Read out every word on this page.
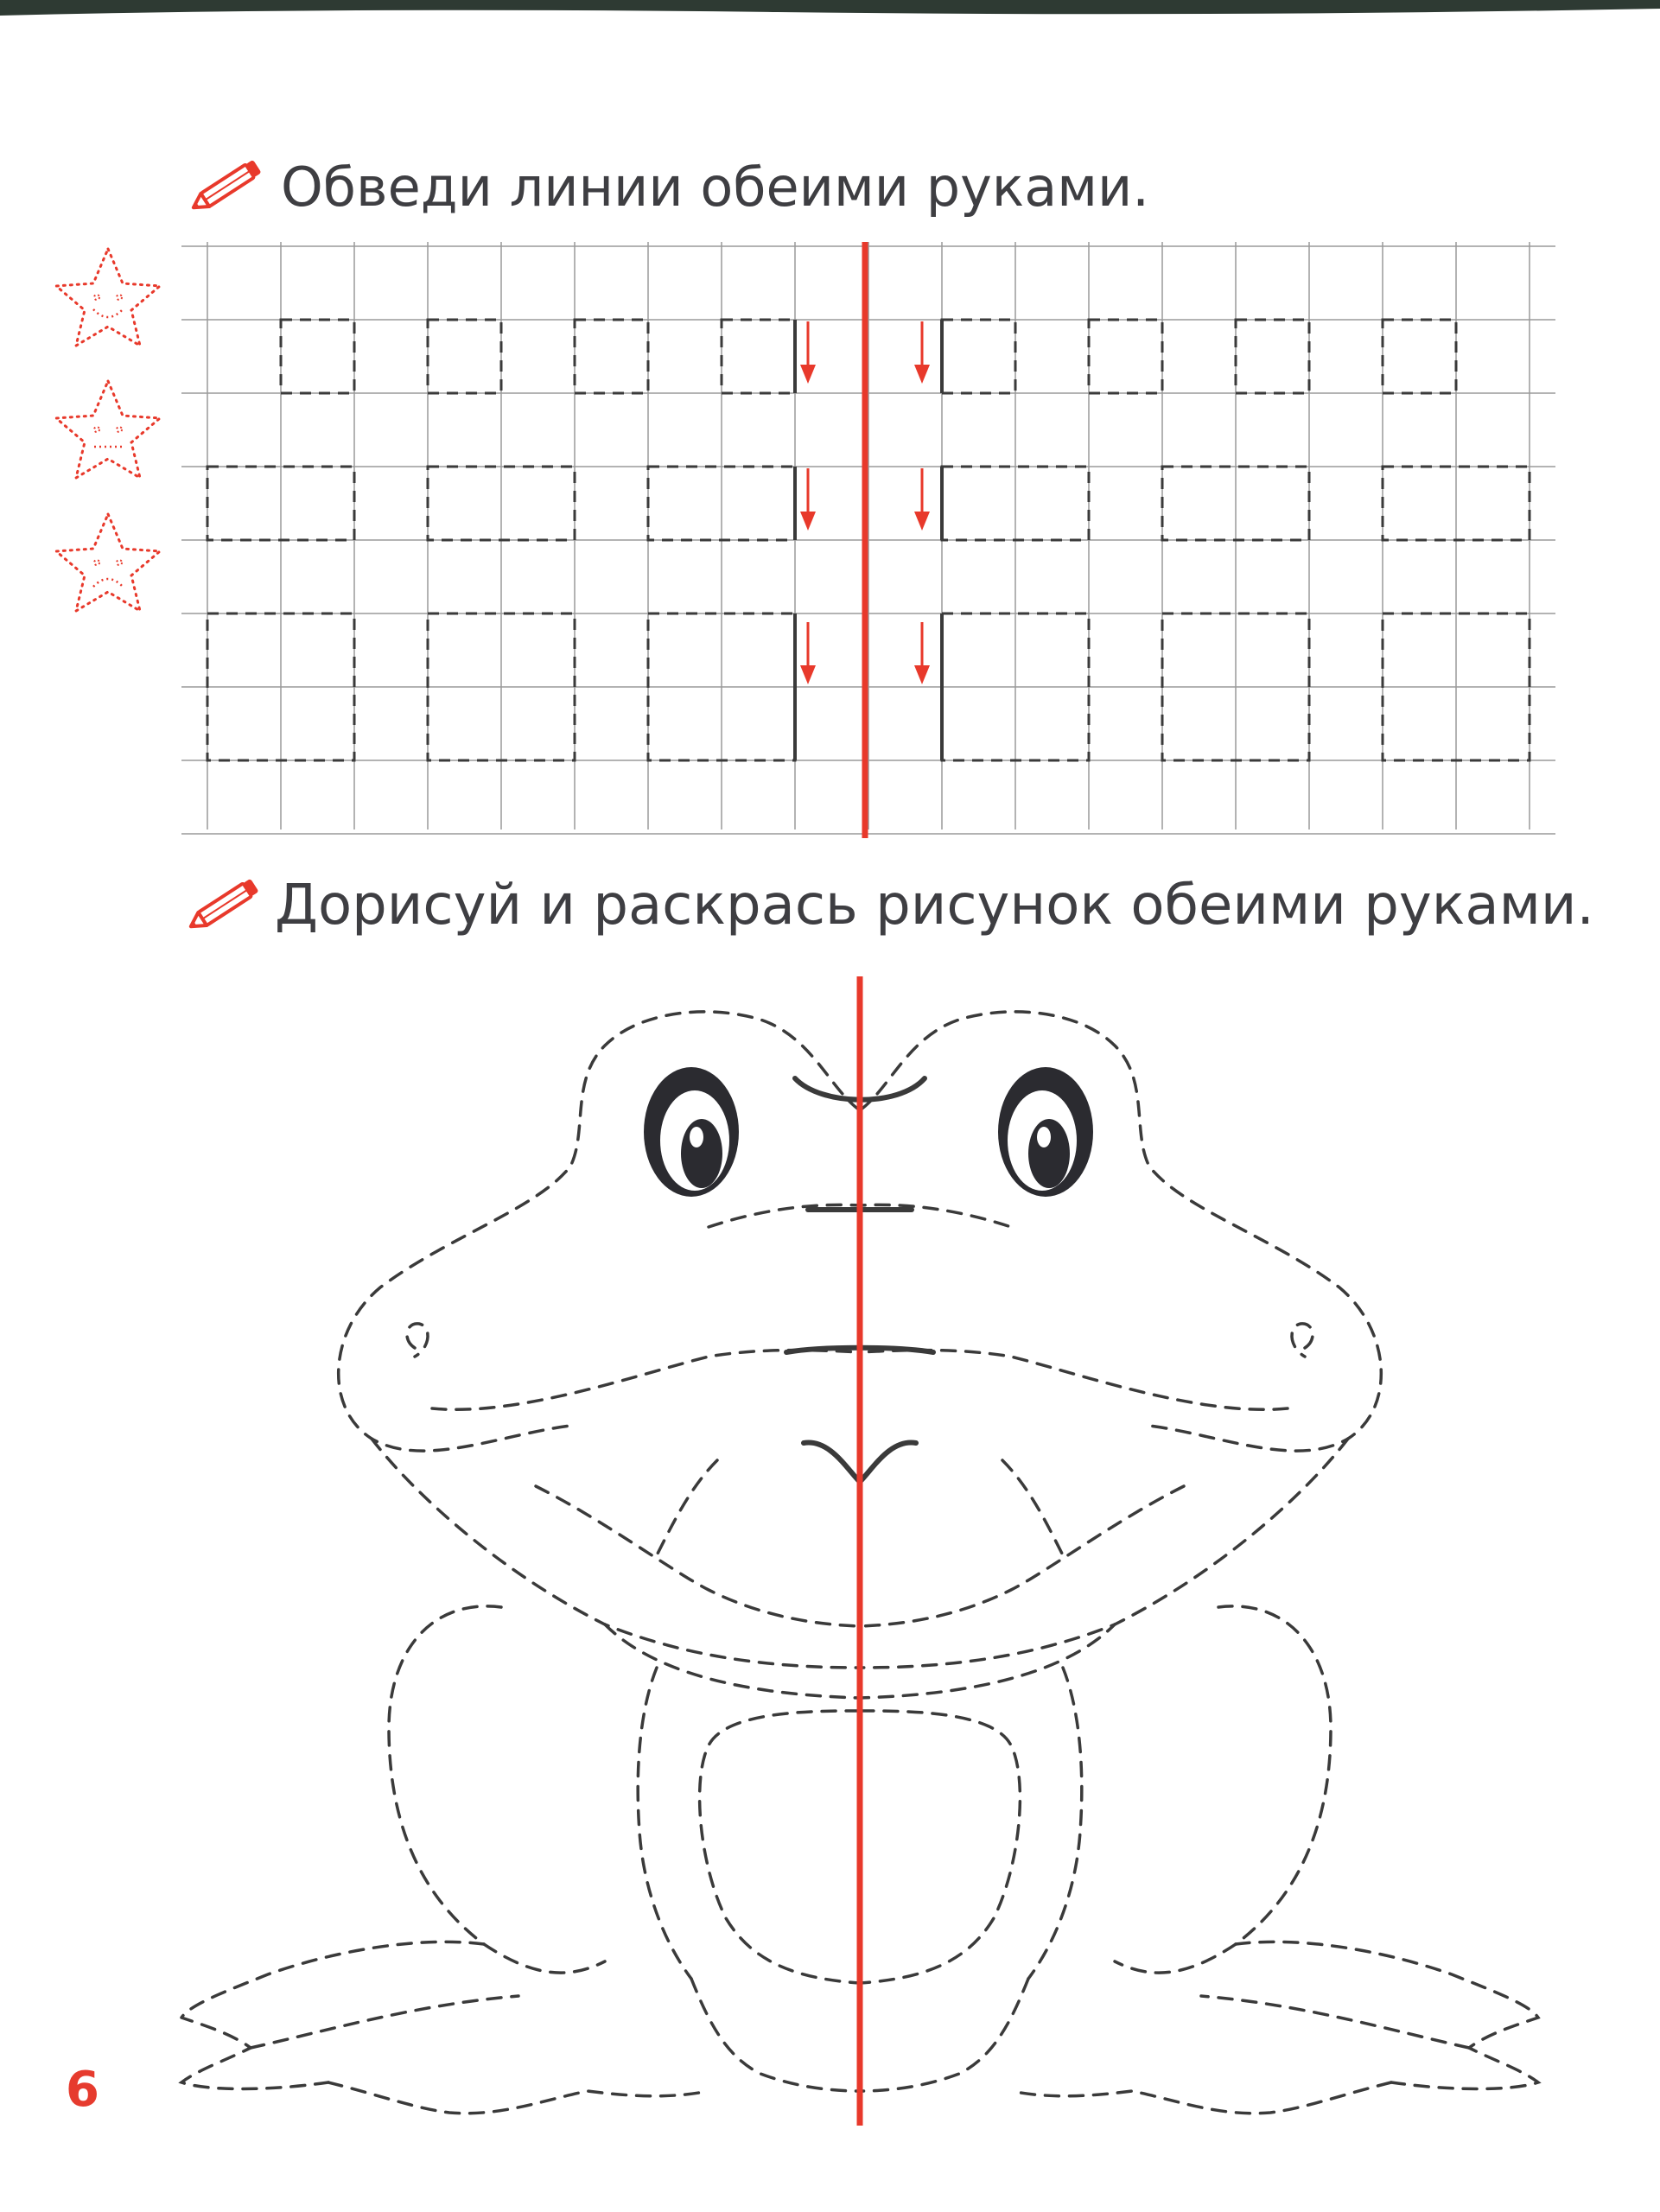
Обведи линии обеими руками.
Дорисуй и раскрась рисунок обеими руками.
6
